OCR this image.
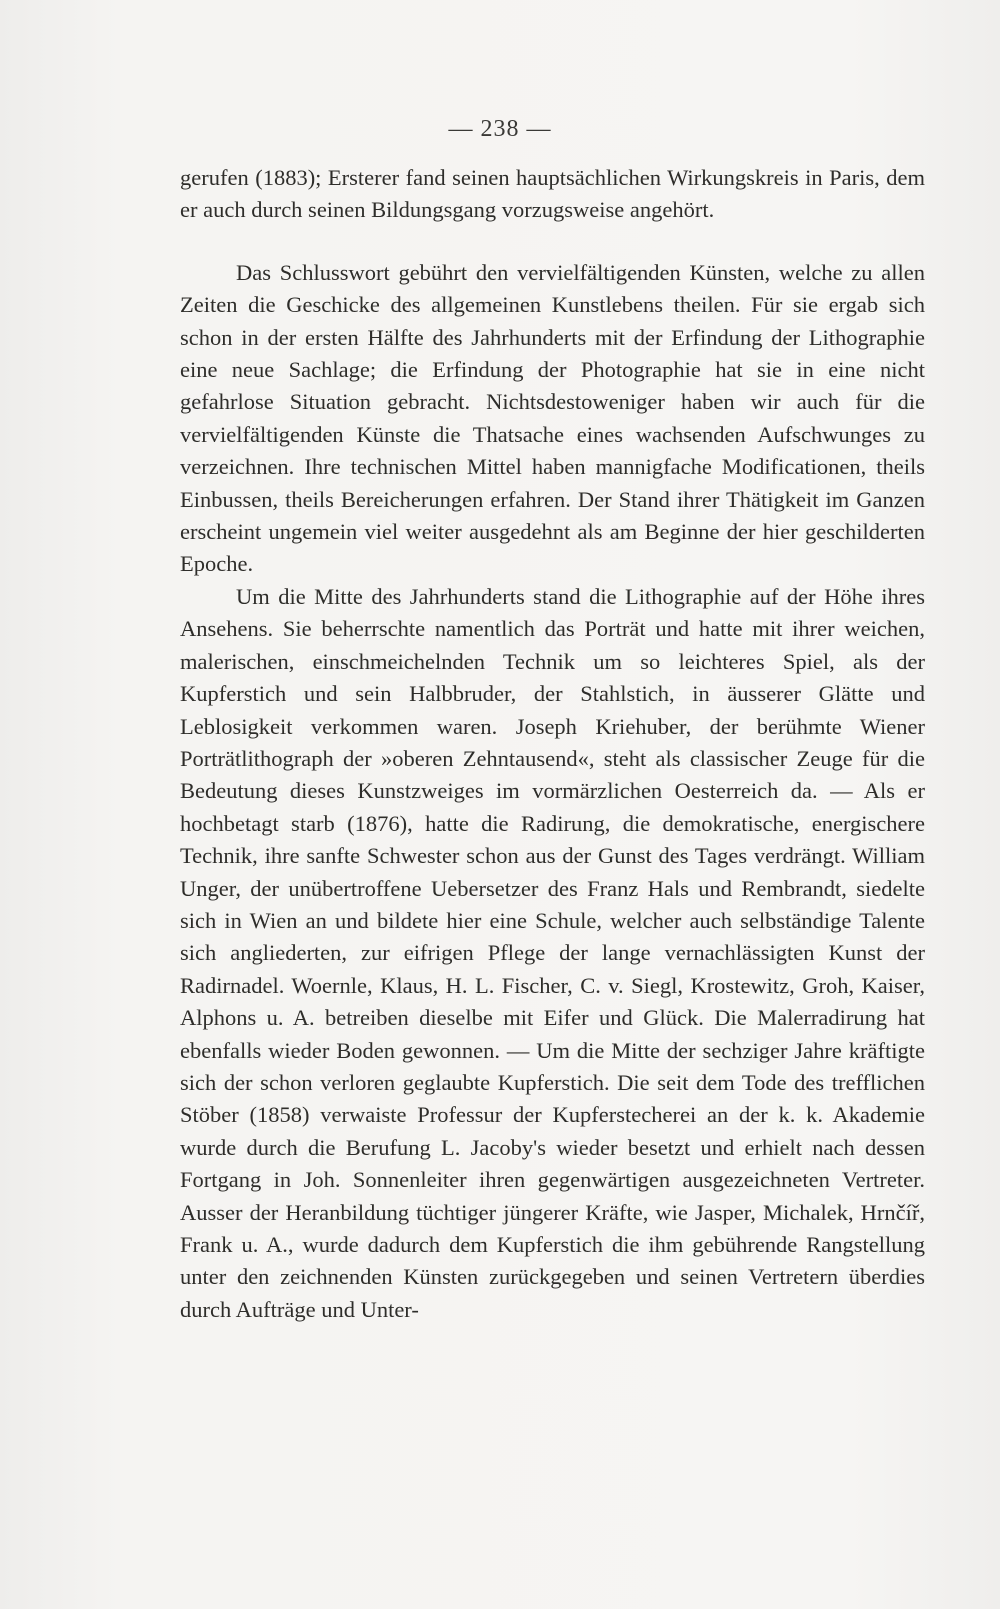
— 238 —

gerufen (1883); Ersterer fand seinen hauptsächlichen Wirkungskreis in Paris, dem er auch durch seinen Bildungsgang vorzugsweise angehört.

Das Schlusswort gebührt den vervielfältigenden Künsten, welche zu allen Zeiten die Geschicke des allgemeinen Kunstlebens theilen. Für sie ergab sich schon in der ersten Hälfte des Jahrhunderts mit der Erfindung der Lithographie eine neue Sachlage; die Erfindung der Photographie hat sie in eine nicht gefahrlose Situation gebracht. Nichtsdestoweniger haben wir auch für die vervielfältigenden Künste die Thatsache eines wachsenden Aufschwunges zu verzeichnen. Ihre technischen Mittel haben mannigfache Modificationen, theils Einbussen, theils Bereicherungen erfahren. Der Stand ihrer Thätigkeit im Ganzen erscheint ungemein viel weiter ausgedehnt als am Beginne der hier geschilderten Epoche.

Um die Mitte des Jahrhunderts stand die Lithographie auf der Höhe ihres Ansehens. Sie beherrschte namentlich das Porträt und hatte mit ihrer weichen, malerischen, einschmeichelnden Technik um so leichteres Spiel, als der Kupferstich und sein Halbbruder, der Stahlstich, in äusserer Glätte und Leblosigkeit verkommen waren. Joseph Kriehuber, der berühmte Wiener Porträtlithograph der »oberen Zehntausend«, steht als classischer Zeuge für die Bedeutung dieses Kunstzweiges im vormärzlichen Oesterreich da. — Als er hochbetagt starb (1876), hatte die Radirung, die demokratische, energischere Technik, ihre sanfte Schwester schon aus der Gunst des Tages verdrängt. William Unger, der unübertroffene Uebersetzer des Franz Hals und Rembrandt, siedelte sich in Wien an und bildete hier eine Schule, welcher auch selbständige Talente sich angliederten, zur eifrigen Pflege der lange vernachlässigten Kunst der Radirnadel. Woernle, Klaus, H. L. Fischer, C. v. Siegl, Krostewitz, Groh, Kaiser, Alphons u. A. betreiben dieselbe mit Eifer und Glück. Die Malerradirung hat ebenfalls wieder Boden gewonnen. — Um die Mitte der sechziger Jahre kräftigte sich der schon verloren geglaubte Kupferstich. Die seit dem Tode des trefflichen Stöber (1858) verwaiste Professur der Kupferstecherei an der k. k. Akademie wurde durch die Berufung L. Jacoby's wieder besetzt und erhielt nach dessen Fortgang in Joh. Sonnenleiter ihren gegenwärtigen ausgezeichneten Vertreter. Ausser der Heranbildung tüchtiger jüngerer Kräfte, wie Jasper, Michalek, Hrnčíř, Frank u. A., wurde dadurch dem Kupferstich die ihm gebührende Rangstellung unter den zeichnenden Künsten zurückgegeben und seinen Vertretern überdies durch Aufträge und Unter-
